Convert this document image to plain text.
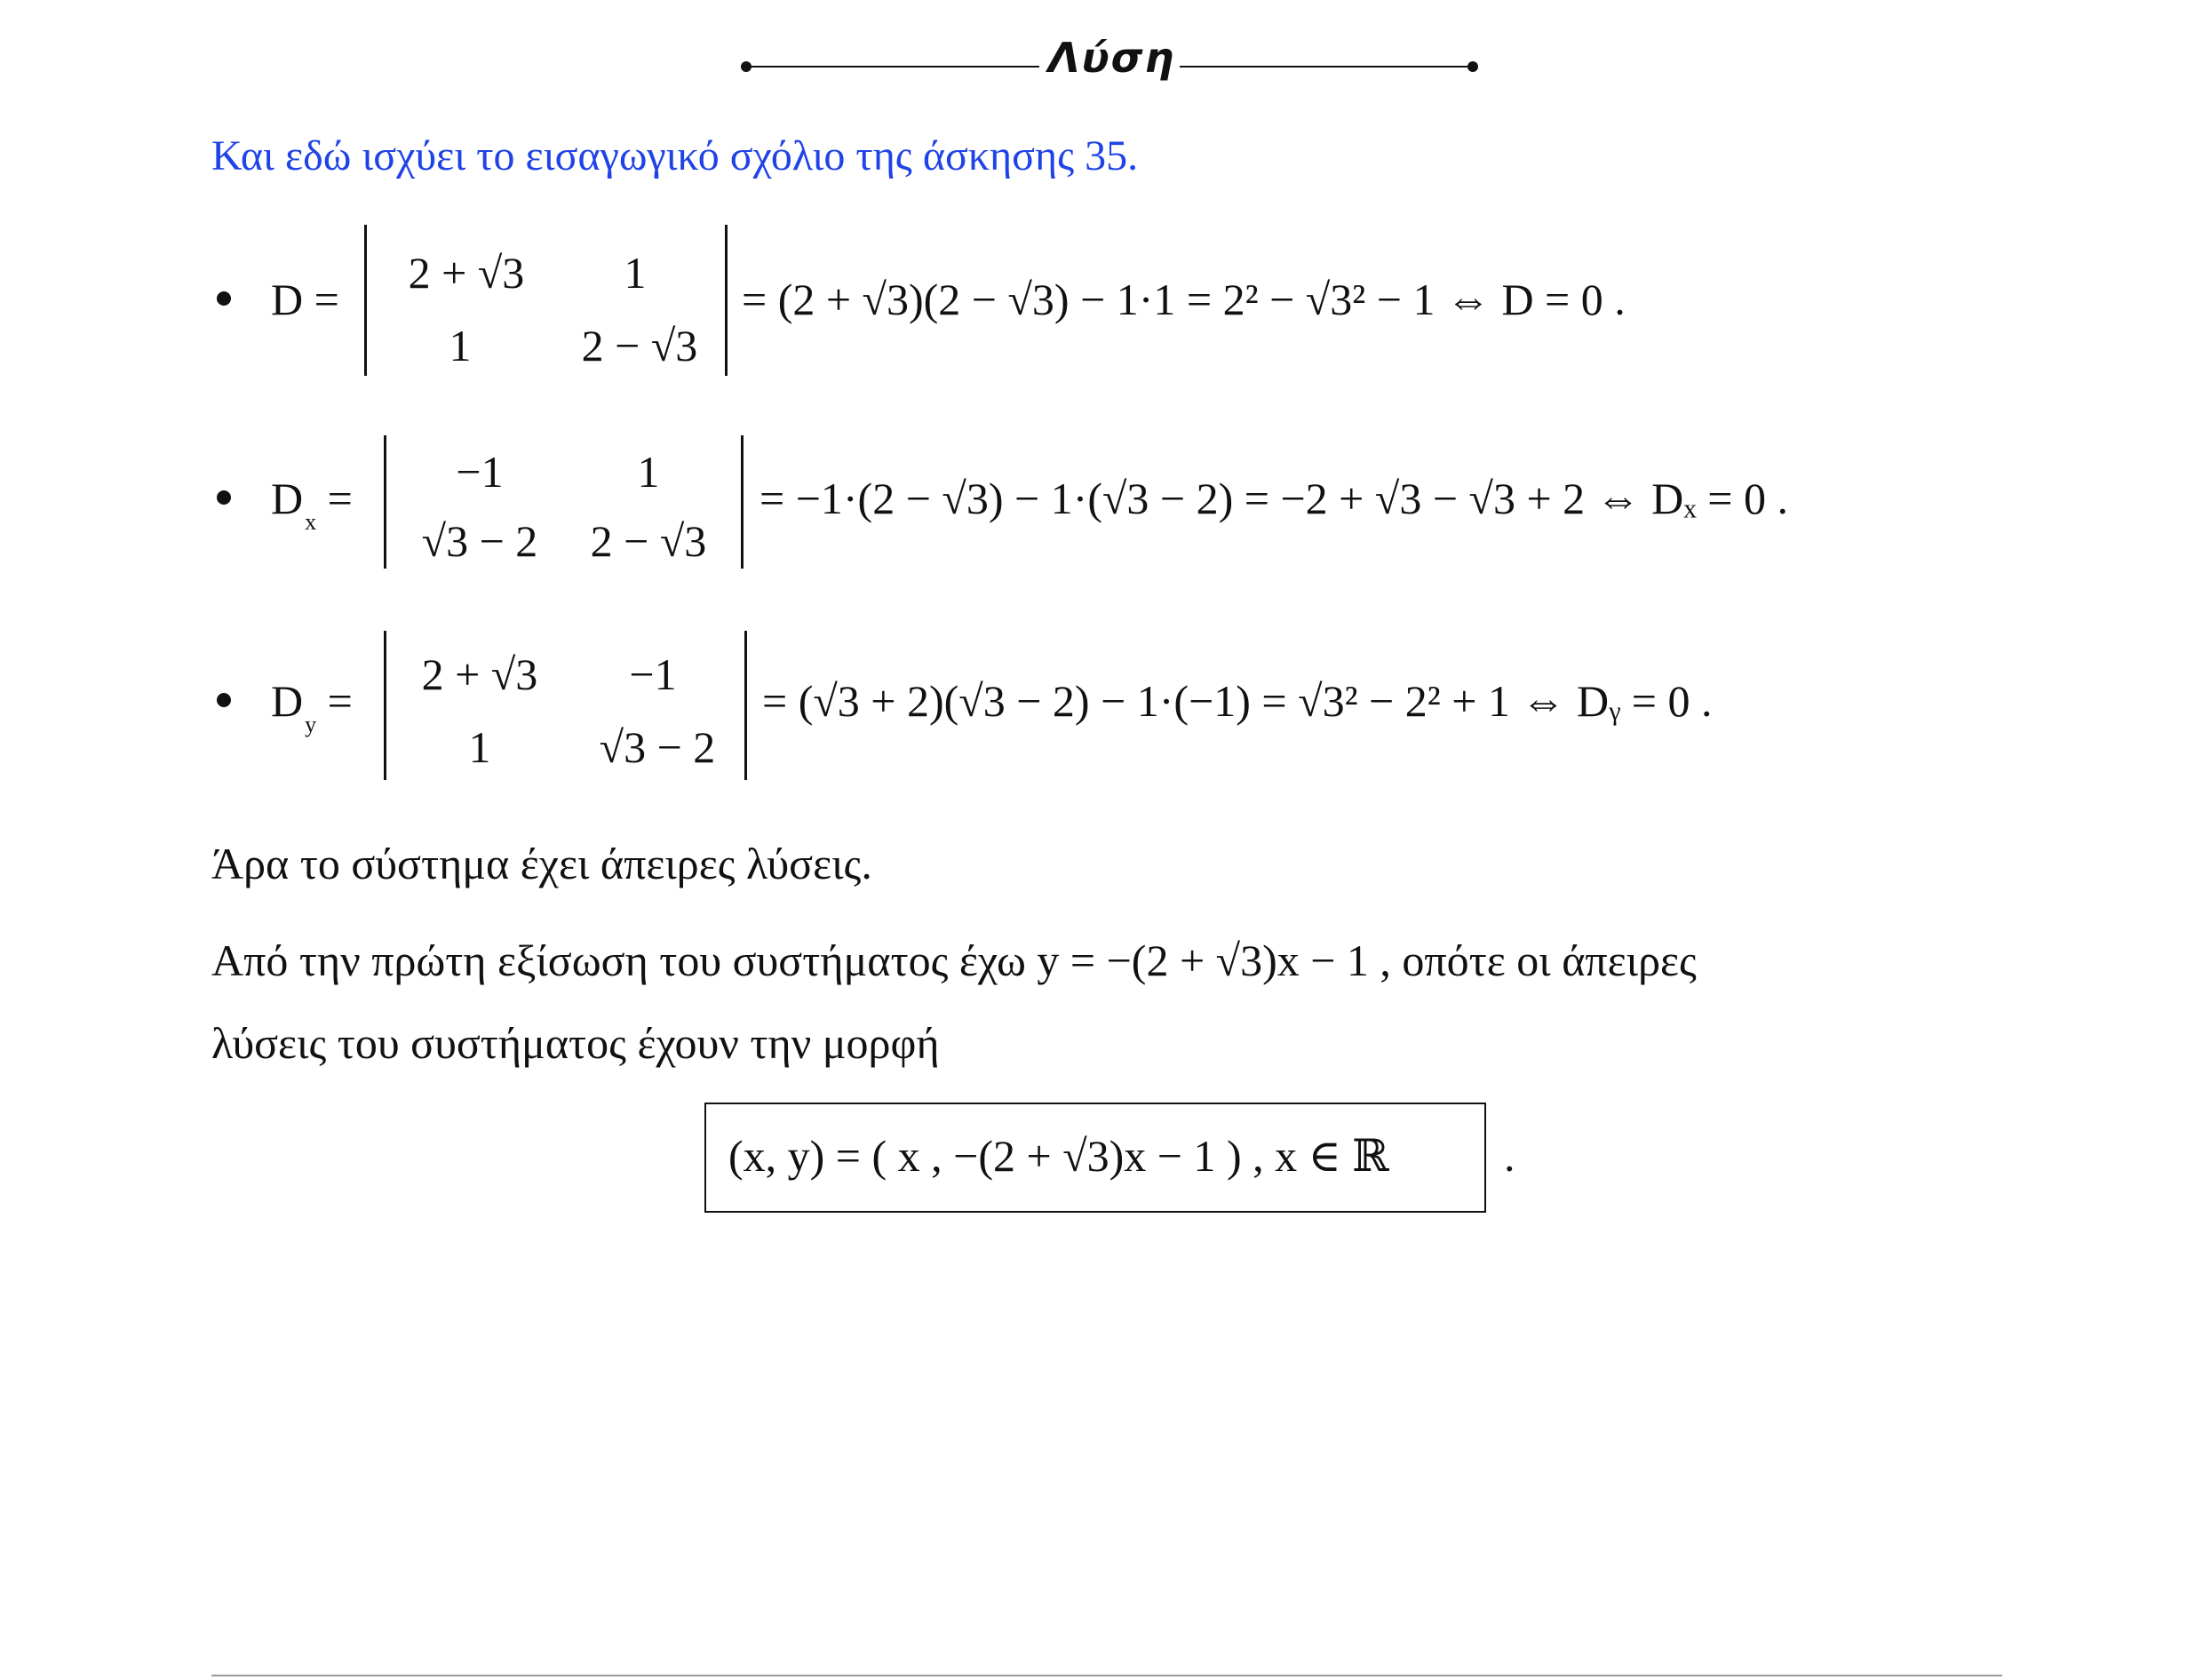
Λύση
Και εδώ ισχύει το εισαγωγικό σχόλιο της άσκησης 35.
D =
2 + √3	1
1	2 − √3
= (2 + √3)(2 − √3) − 1·1 = 2² − √3² − 1 ⇔ D = 0 .
$D_x$ =
−1	1
√3 − 2	2 − √3
= −1·(2 − √3) − 1·(√3 − 2) = −2 + √3 − √3 + 2 ⇔ Dₓ = 0 .
$D_y$ =
2 + √3	−1
1	√3 − 2
= (√3 + 2)(√3 − 2) − 1·(−1) = √3² − 2² + 1 ⇔ Dᵧ = 0 .
Άρα το σύστημα έχει άπειρες λύσεις.
Από την πρώτη εξίσωση του συστήματος έχω y = −(2 + √3)x − 1 , οπότε οι άπειρες
λύσεις του συστήματος έχουν την μορφή
(x, y) = ( x , −(2 + √3)x − 1 ) , x ∈ ℝ	.
